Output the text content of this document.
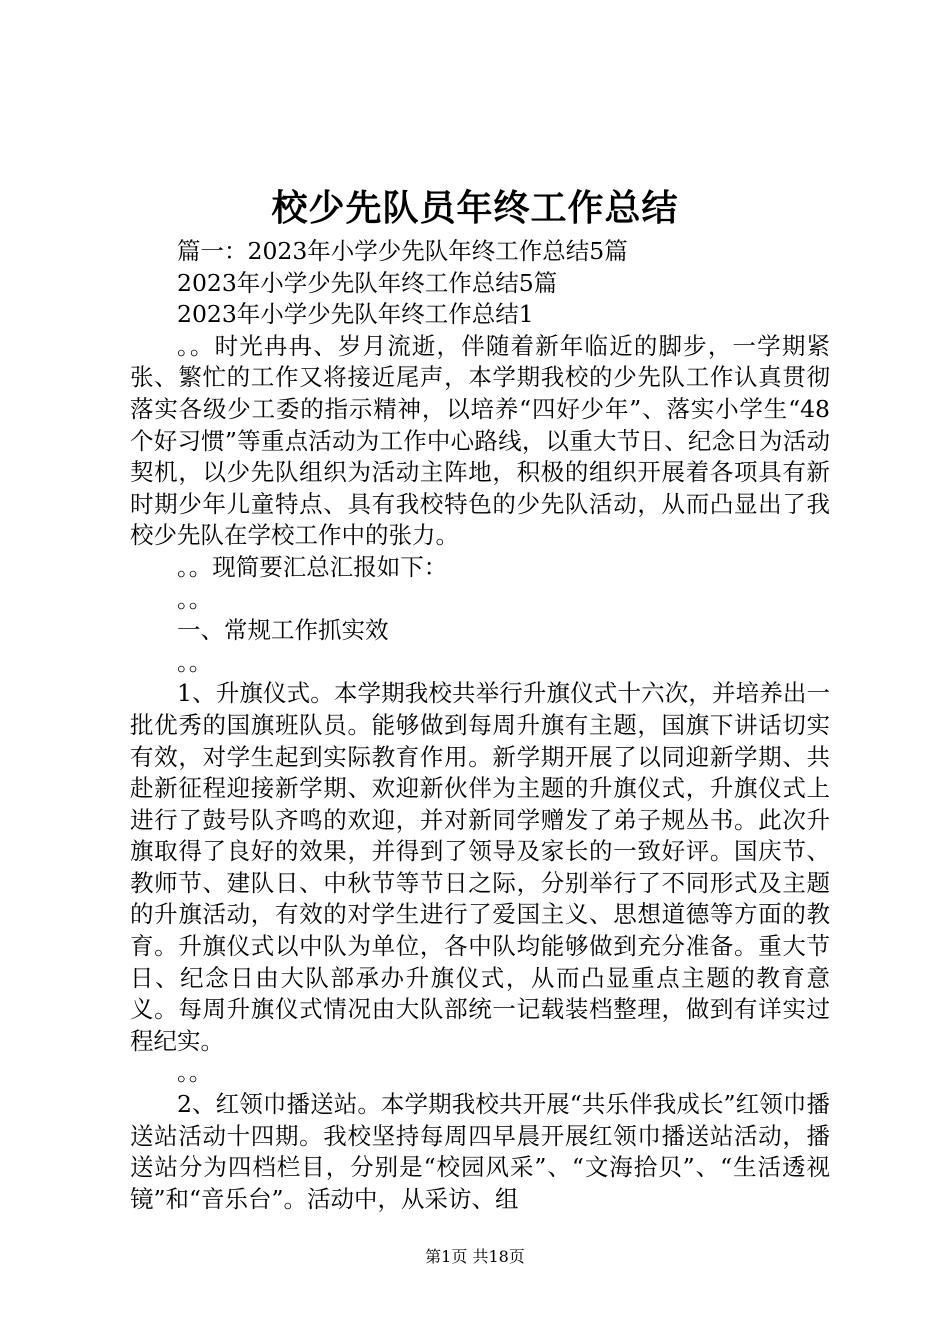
校少先队员年终工作总结

篇一：2023年小学少先队年终工作总结5篇

2023年小学少先队年终工作总结5篇

2023年小学少先队年终工作总结1

。。时光冉冉、岁月流逝，伴随着新年临近的脚步，一学期紧张、繁忙的工作又将接近尾声，本学期我校的少先队工作认真贯彻落实各级少工委的指示精神，以培养“四好少年”、落实小学生“48个好习惯”等重点活动为工作中心路线，以重大节日、纪念日为活动契机，以少先队组织为活动主阵地，积极的组织开展着各项具有新时期少年儿童特点、具有我校特色的少先队活动，从而凸显出了我校少先队在学校工作中的张力。

。。现简要汇总汇报如下：

。。

一、常规工作抓实效

。。

1、升旗仪式。本学期我校共举行升旗仪式十六次，并培养出一批优秀的国旗班队员。能够做到每周升旗有主题，国旗下讲话切实有效，对学生起到实际教育作用。新学期开展了以同迎新学期、共赴新征程迎接新学期、欢迎新伙伴为主题的升旗仪式，升旗仪式上进行了鼓号队齐鸣的欢迎，并对新同学赠发了弟子规丛书。此次升旗取得了良好的效果，并得到了领导及家长的一致好评。国庆节、教师节、建队日、中秋节等节日之际，分别举行了不同形式及主题的升旗活动，有效的对学生进行了爱国主义、思想道德等方面的教育。升旗仪式以中队为单位，各中队均能够做到充分准备。重大节日、纪念日由大队部承办升旗仪式，从而凸显重点主题的教育意义。每周升旗仪式情况由大队部统一记载装档整理，做到有详实过程纪实。

。。

2、红领巾播送站。本学期我校共开展“共乐伴我成长”红领巾播送站活动十四期。我校坚持每周四早晨开展红领巾播送站活动，播送站分为四档栏目，分别是“校园风采”、“文海拾贝”、“生活透视镜”和“音乐台”。活动中，从采访、组

第1页 共18页
